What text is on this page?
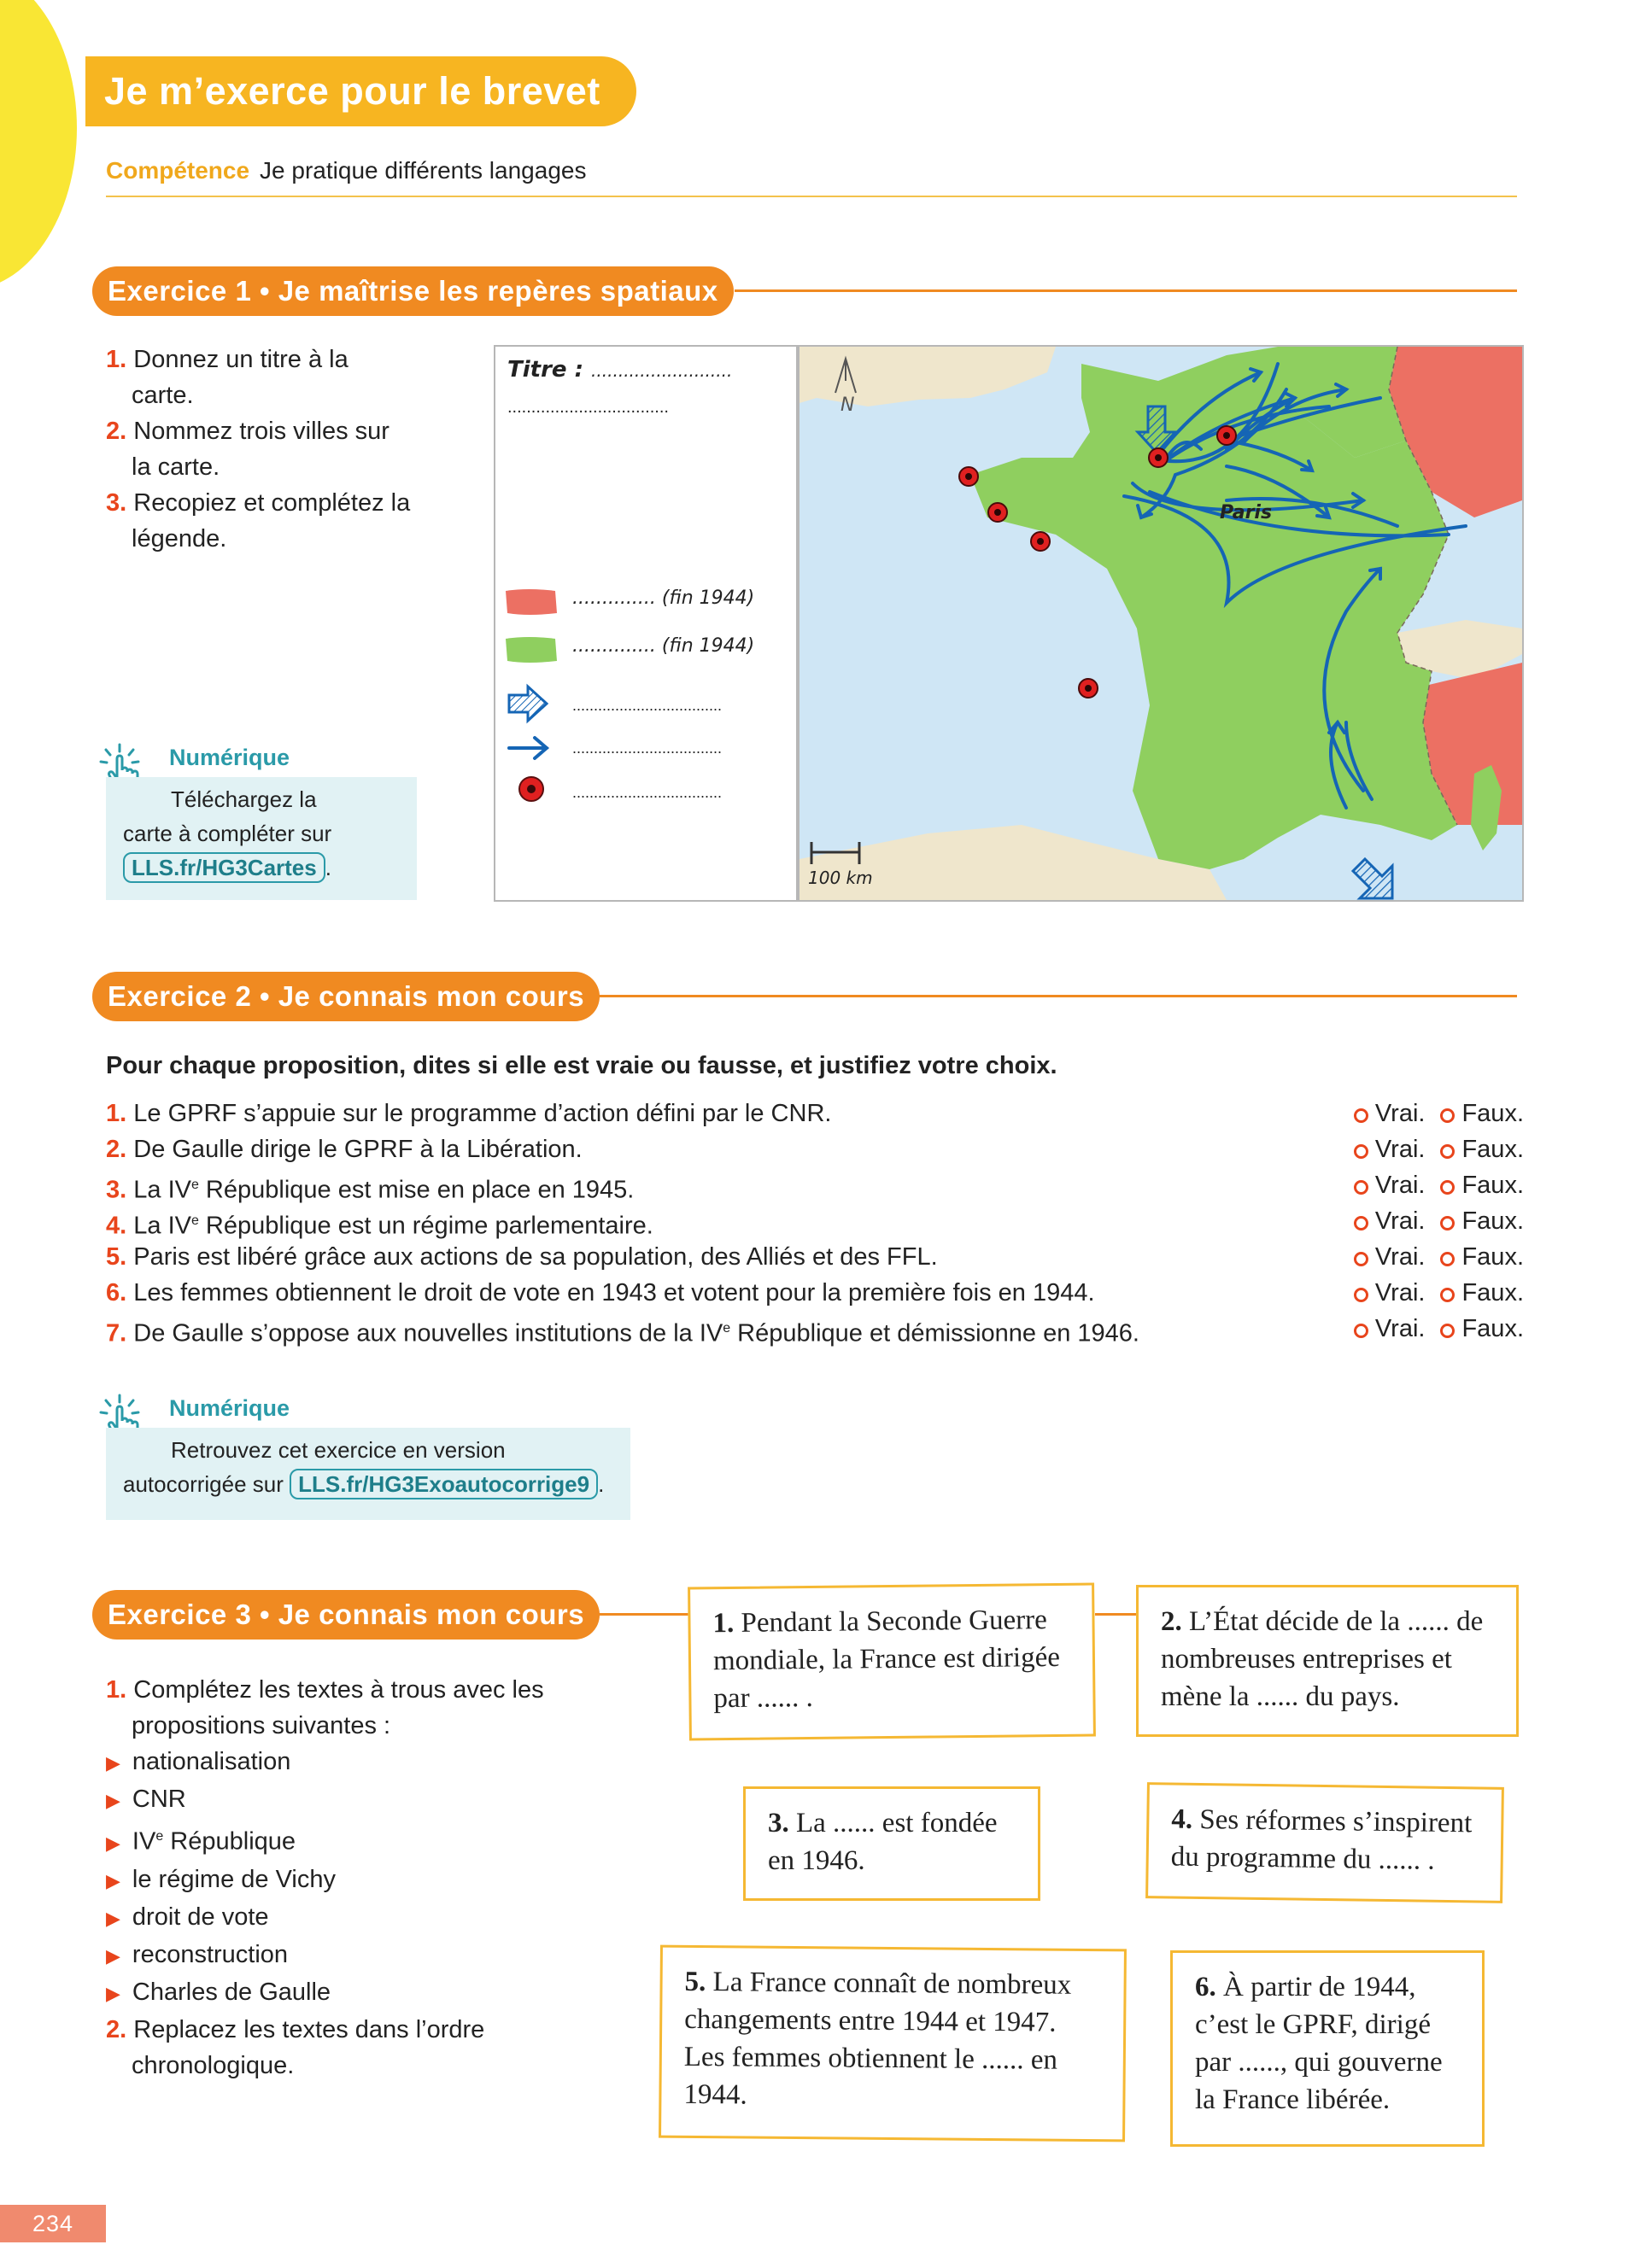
Je m’exerce pour le brevet
Compétence Je pratique différents langages
Exercice 1 • Je maîtrise les repères spatiaux
1. Donnez un titre à la
carte.
2. Nommez trois villes sur
la carte.
3. Recopiez et complétez la
légende.
Numérique
Téléchargez la
carte à compléter sur
LLS.fr/HG3Cartes .
Titre : ..........................
..................................
.............. (fin 1944)
.............. (fin 1944)
...................................
...................................
...................................
Paris
N
100 km
Exercice 2 • Je connais mon cours
Pour chaque proposition, dites si elle est vraie ou fausse, et justifiez votre choix.
1. Le GPRF s’appuie sur le programme d’action défini par le CNR.	Vrai. Faux.
2. De Gaulle dirige le GPRF à la Libération.	Vrai. Faux.
3. La IVe République est mise en place en 1945.	Vrai. Faux.
4. La IVe République est un régime parlementaire.	Vrai. Faux.
5. Paris est libéré grâce aux actions de sa population, des Alliés et des FFL.	Vrai. Faux.
6. Les femmes obtiennent le droit de vote en 1943 et votent pour la première fois en 1944.	Vrai. Faux.
7. De Gaulle s’oppose aux nouvelles institutions de la IVe République et démissionne en 1946.	Vrai. Faux.
Numérique
Retrouvez cet exercice en version
autocorrigée sur LLS.fr/HG3Exoautocorrige9 .
Exercice 3 • Je connais mon cours
1. Complétez les textes à trous avec les
propositions suivantes :
▶ nationalisation
▶ CNR
▶ IVe République
▶ le régime de Vichy
▶ droit de vote
▶ reconstruction
▶ Charles de Gaulle
2. Replacez les textes dans l’ordre
chronologique.
1. Pendant la Seconde Guerre mondiale, la France est dirigée par ...... .
2. L’État décide de la ...... de nombreuses entreprises et mène la ...... du pays.
3. La ...... est fondée en 1946.
4. Ses réformes s’inspirent du programme du ...... .
5. La France connaît de nombreux changements entre 1944 et 1947. Les femmes obtiennent le ...... en 1944.
6. À partir de 1944, c’est le GPRF, dirigé par ......, qui gouverne la France libérée.
234
